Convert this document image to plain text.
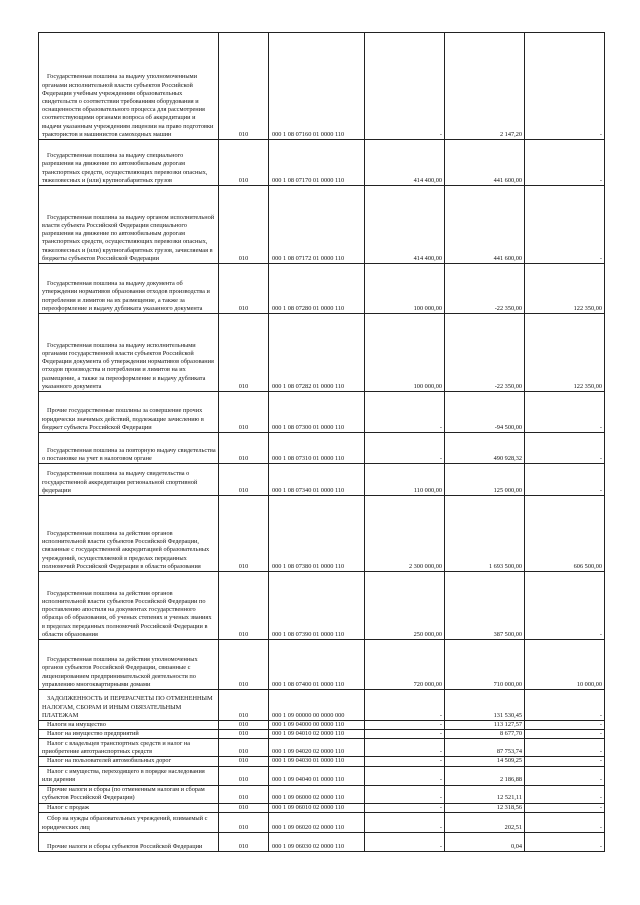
Государственная пошлина за выдачу уполномоченными органами исполнительной власти субъектов Российской Федерации учебным учреждениям образовательных свидетельств о соответствии требованиям оборудования и оснащенности образовательного процесса для рассмотрения соответствующими органами вопроса об аккредитации и выдачи указанным учреждениям лицензии на право подготовки трактористов и машинистов самоходных машин	010	000 1 08 07160 01 0000 110	-	2 147,20	-
Государственная пошлина за выдачу специального разрешения на движение по автомобильным дорогам транспортных средств, осуществляющих перевозки опасных, тяжеловесных и (или) крупногабаритных грузов	010	000 1 08 07170 01 0000 110	414 400,00	441 600,00	-
Государственная пошлина за выдачу органом исполнительной власти субъекта Российской Федерации специального разрешения на движение по автомобильным дорогам транспортных средств, осуществляющих перевозки опасных, тяжеловесных и (или) крупногабаритных грузов, зачисляемая в бюджеты субъектов Российской Федерации	010	000 1 08 07172 01 0000 110	414 400,00	441 600,00	-
Государственная пошлина за выдачу документа об утверждении нормативов образования отходов производства и потребления и лимитов на их размещение, а также за переоформление и выдачу дубликата указанного документа	010	000 1 08 07280 01 0000 110	100 000,00	-22 350,00	122 350,00
Государственная пошлина за выдачу исполнительными органами государственной власти субъектов Российской Федерации документа об утверждении нормативов образования отходов производства и потребления и лимитов на их размещение, а также за переоформление и выдачу дубликата указанного документа	010	000 1 08 07282 01 0000 110	100 000,00	-22 350,00	122 350,00
Прочие государственные пошлины за совершение прочих юридически значимых действий, подлежащие зачислению в бюджет субъекта Российской Федерации	010	000 1 08 07300 01 0000 110	-	-94 500,00	-
Государственная пошлина за повторную выдачу свидетельства о постановке на учет в налоговом органе	010	000 1 08 07310 01 0000 110	-	490 928,32	-
Государственная пошлина за выдачу свидетельства о государственной аккредитации региональной спортивной федерации	010	000 1 08 07340 01 0000 110	110 000,00	125 000,00	-
Государственная пошлина за действия органов исполнительной власти субъектов Российской Федерации, связанные с государственной аккредитацией образовательных учреждений, осуществляемой в пределах переданных полномочий Российской Федерации в области образования	010	000 1 08 07380 01 0000 110	2 300 000,00	1 693 500,00	606 500,00
Государственная пошлина за действия органов исполнительной власти субъектов Российской Федерации по проставлению апостиля на документах государственного образца об образовании, об ученых степенях и ученых званиях в пределах переданных полномочий Российской Федерации в области образования	010	000 1 08 07390 01 0000 110	250 000,00	387 500,00	-
Государственная пошлина за действия уполномоченных органов субъектов Российской Федерации, связанные с лицензированием предпринимательской деятельности по управлению многоквартирными домами	010	000 1 08 07400 01 0000 110	720 000,00	710 000,00	10 000,00
ЗАДОЛЖЕННОСТЬ И ПЕРЕРАСЧЕТЫ ПО ОТМЕНЕННЫМ НАЛОГАМ, СБОРАМ И ИНЫМ ОБЯЗАТЕЛЬНЫМ ПЛАТЕЖАМ	010	000 1 09 00000 00 0000 000	-	131 530,45	-
Налоги на имущество	010	000 1 09 04000 00 0000 110	-	113 127,57	-
Налог на имущество предприятий	010	000 1 09 04010 02 0000 110	-	8 677,70	-
Налог с владельцев транспортных средств и налог на приобретение автотранспортных средств	010	000 1 09 04020 02 0000 110	-	87 753,74	-
Налог на пользователей автомобильных дорог	010	000 1 09 04030 01 0000 110	-	14 509,25	-
Налог с имущества, переходящего в порядке наследования или дарения	010	000 1 09 04040 01 0000 110	-	2 186,88	-
Прочие налоги и сборы (по отмененным налогам и сборам субъектов Российской Федерации)	010	000 1 09 06000 02 0000 110	-	12 521,11	-
Налог с продаж	010	000 1 09 06010 02 0000 110	-	12 318,56	-
Сбор на нужды образовательных учреждений, взимаемый с юридических лиц	010	000 1 09 06020 02 0000 110	-	202,51	-
Прочие налоги и сборы субъектов Российской Федерации	010	000 1 09 06030 02 0000 110	-	0,04	-
